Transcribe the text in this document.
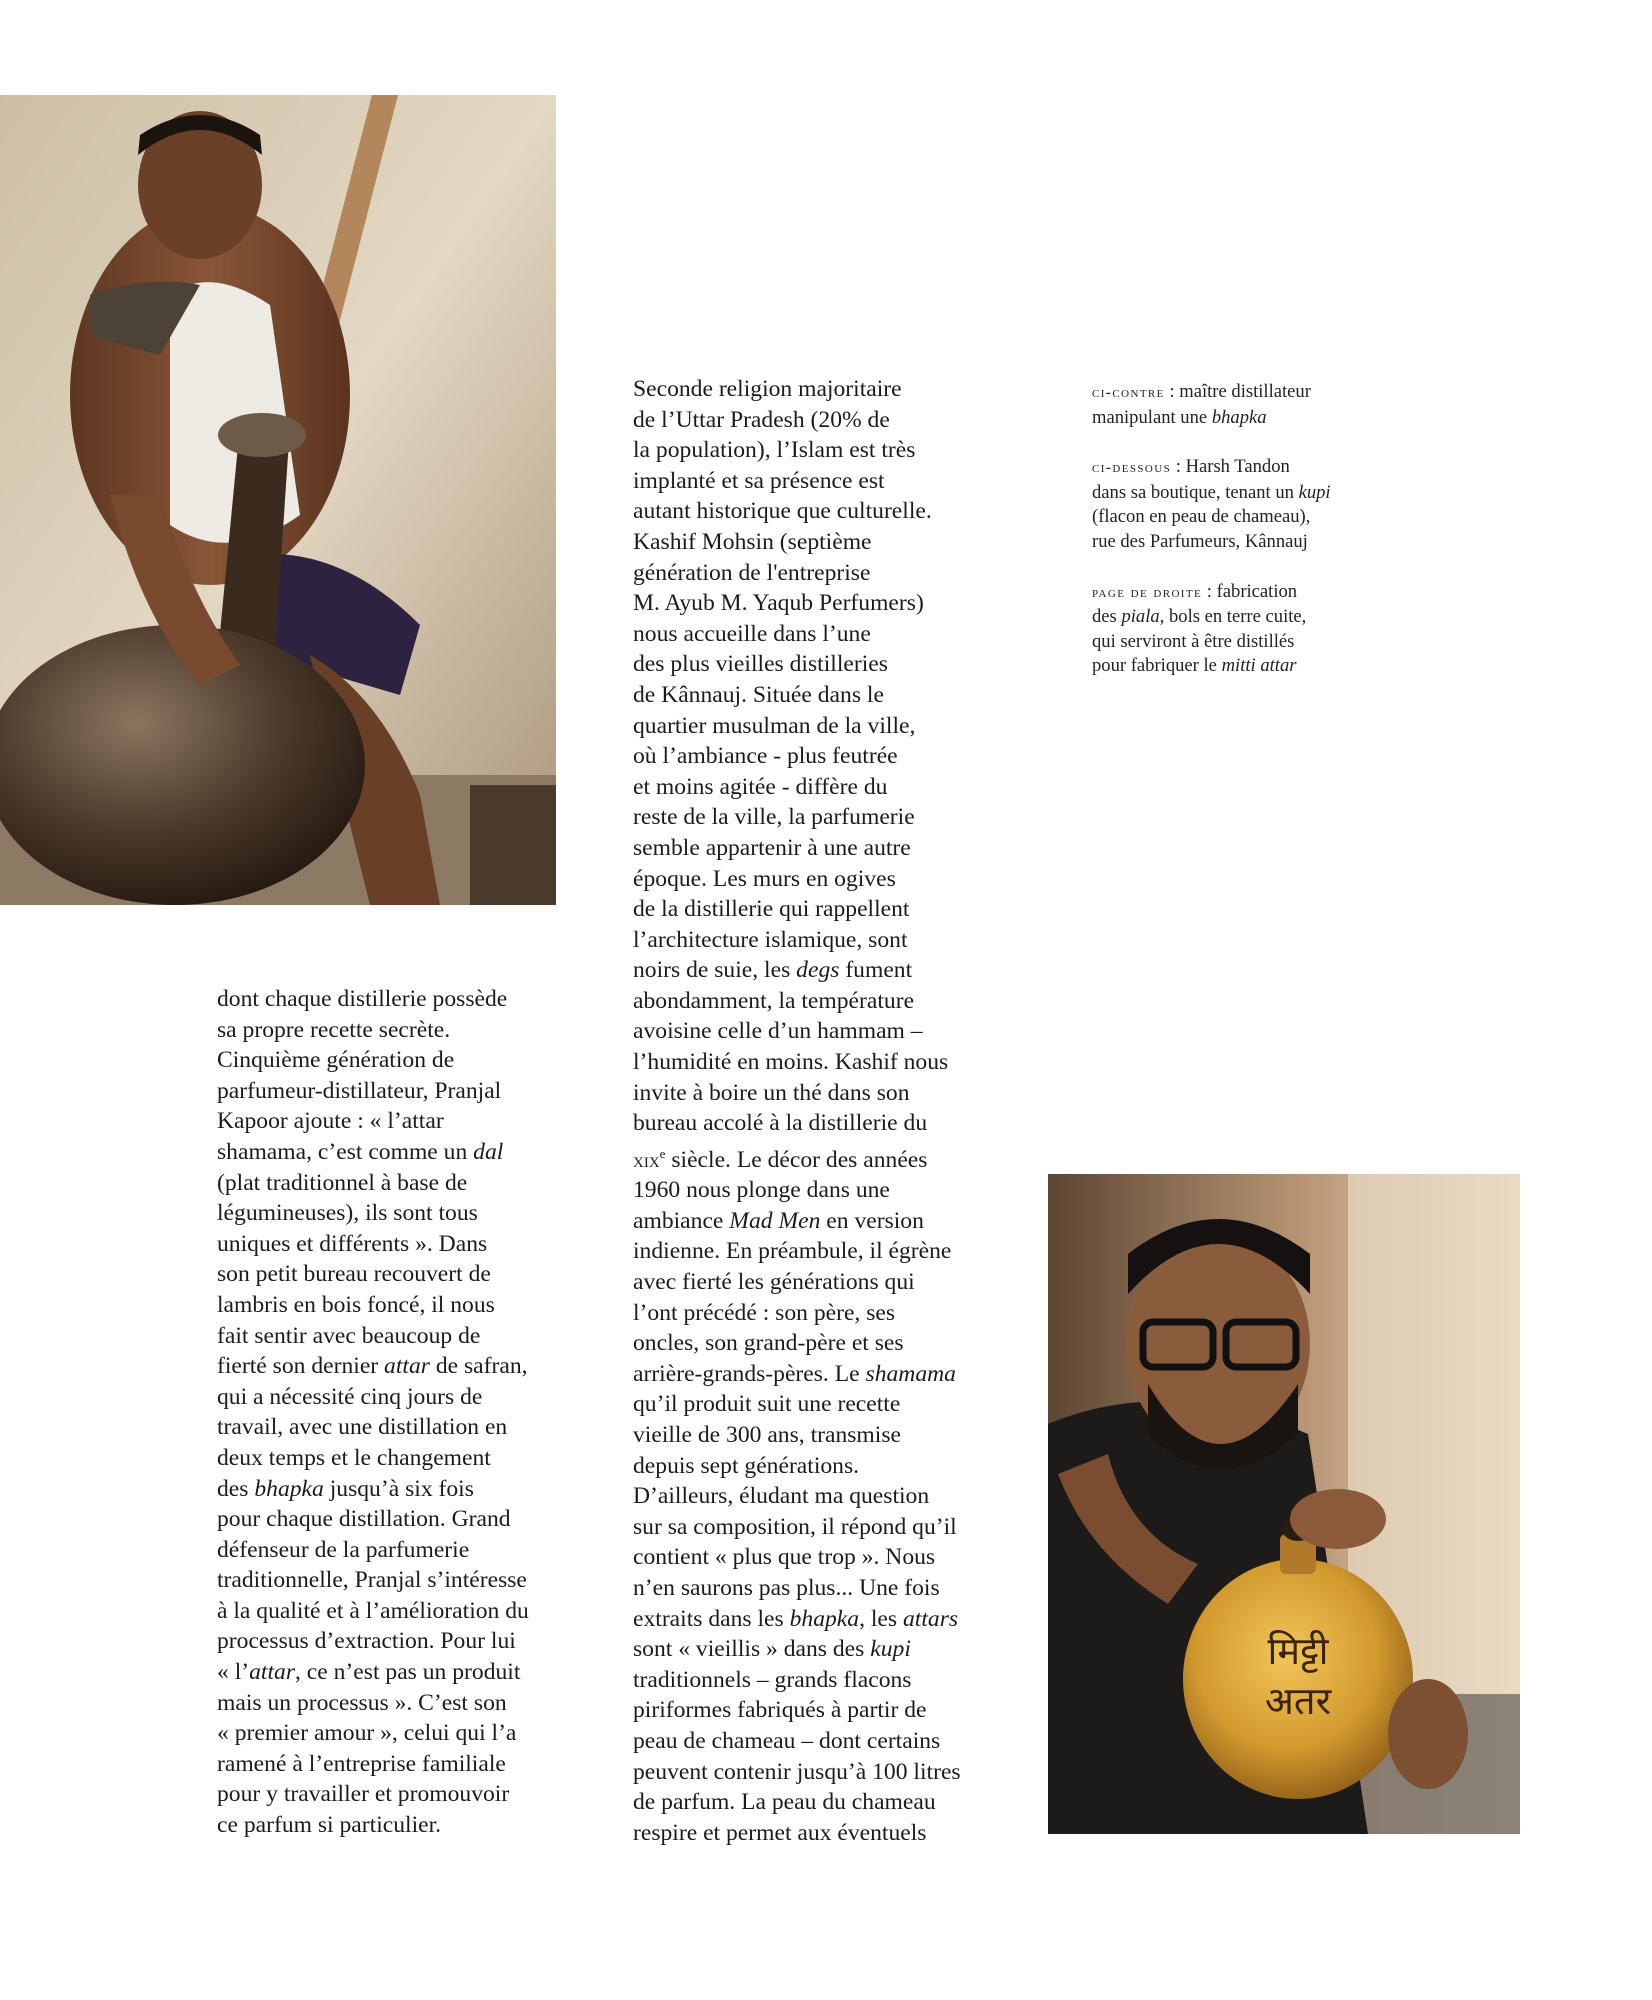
मिट्टी
अतर
dont chaque distillerie possède
sa propre recette secrète.
Cinquième génération de
parfumeur-distillateur, Pranjal
Kapoor ajoute : « l’attar
shamama, c’est comme un dal
(plat traditionnel à base de
légumineuses), ils sont tous
uniques et différents ». Dans
son petit bureau recouvert de
lambris en bois foncé, il nous
fait sentir avec beaucoup de
fierté son dernier attar de safran,
qui a nécessité cinq jours de
travail, avec une distillation en
deux temps et le changement
des bhapka jusqu’à six fois
pour chaque distillation. Grand
défenseur de la parfumerie
traditionnelle, Pranjal s’intéresse
à la qualité et à l’amélioration du
processus d’extraction. Pour lui
« l’attar, ce n’est pas un produit
mais un processus ». C’est son
« premier amour », celui qui l’a
ramené à l’entreprise familiale
pour y travailler et promouvoir
ce parfum si particulier.
Seconde religion majoritaire
de l’Uttar Pradesh (20% de
la population), l’Islam est très
implanté et sa présence est
autant historique que culturelle.
Kashif Mohsin (septième
génération de l'entreprise
M. Ayub M. Yaqub Perfumers)
nous accueille dans l’une
des plus vieilles distilleries
de Kânnauj. Située dans le
quartier musulman de la ville,
où l’ambiance - plus feutrée
et moins agitée - diffère du
reste de la ville, la parfumerie
semble appartenir à une autre
époque. Les murs en ogives
de la distillerie qui rappellent
l’architecture islamique, sont
noirs de suie, les degs fument
abondamment, la température
avoisine celle d’un hammam –
l’humidité en moins. Kashif nous
invite à boire un thé dans son
bureau accolé à la distillerie du
xix$^e$ siècle. Le décor des années
1960 nous plonge dans une
ambiance Mad Men en version
indienne. En préambule, il égrène
avec fierté les générations qui
l’ont précédé : son père, ses
oncles, son grand-père et ses
arrière-grands-pères. Le shamama
qu’il produit suit une recette
vieille de 300 ans, transmise
depuis sept générations.
D’ailleurs, éludant ma question
sur sa composition, il répond qu’il
contient « plus que trop ». Nous
n’en saurons pas plus... Une fois
extraits dans les bhapka, les attars
sont « vieillis » dans des kupi
traditionnels – grands flacons
piriformes fabriqués à partir de
peau de chameau – dont certains
peuvent contenir jusqu’à 100 litres
de parfum. La peau du chameau
respire et permet aux éventuels

ci-contre : maître distillateur
manipulant une bhapka

ci-dessous : Harsh Tandon
dans sa boutique, tenant un kupi
(flacon en peau de chameau),
rue des Parfumeurs, Kânnauj

page de droite : fabrication
des piala, bols en terre cuite,
qui serviront à être distillés
pour fabriquer le mitti attar
